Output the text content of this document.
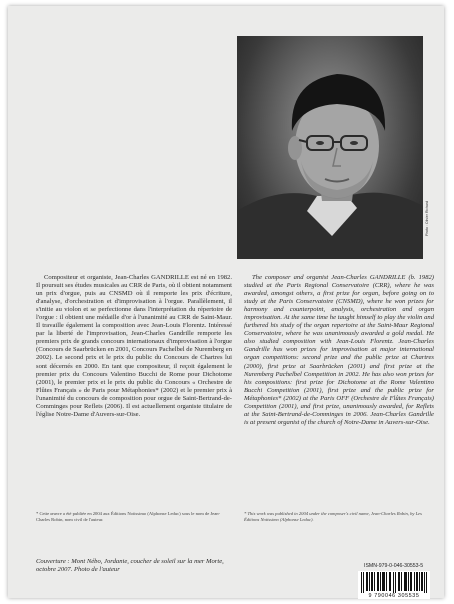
Photo : Olivier Richard

Compositeur et organiste, Jean-Charles GANDRILLE est né en 1982. Il poursuit ses études musicales au CRR de Paris, où il obtient notamment un prix d'orgue, puis au CNSMD où il remporte les prix d'écriture, d'analyse, d'orchestration et d'improvisation à l'orgue. Parallèlement, il s'initie au violon et se perfectionne dans l'interprétation du répertoire de l'orgue : il obtient une médaille d'or à l'unanimité au CRR de Saint-Maur. Il travaille également la composition avec Jean-Louis Florentz. Intéressé par la liberté de l'improvisation, Jean-Charles Gandrille remporte les premiers prix de grands concours internationaux d'improvisation à l'orgue (Concours de Saarbrücken en 2001, Concours Pachelbel de Nuremberg en 2002). Le second prix et le prix du public du Concours de Chartres lui sont décernés en 2000. En tant que compositeur, il reçoit également le premier prix du Concours Valentino Bucchi de Rome pour Dichotome (2001), le premier prix et le prix du public du Concours « Orchestre de Flûtes Français » de Paris pour Métaphonies* (2002) et le premier prix à l'unanimité du concours de composition pour orgue de Saint-Bertrand-de-Comminges pour Reflets (2006). Il est actuellement organiste titulaire de l'église Notre-Dame d'Auvers-sur-Oise.

* Cette œuvre a été publiée en 2004 aux Éditions Notissimo (Alphonse Leduc) sous le nom de Jean-Charles Robin, nom civil de l'auteur.

The composer and organist Jean-Charles GANDRILLE (b. 1982) studied at the Paris Regional Conservatoire (CRR), where he was awarded, amongst others, a first prize for organ, before going on to study at the Paris Conservatoire (CNSMD), where he won prizes for harmony and counterpoint, analysis, orchestration and organ improvisation. At the same time he taught himself to play the violin and furthered his study of the organ repertoire at the Saint-Maur Regional Conservatoire, where he was unanimously awarded a gold medal. He also studied composition with Jean-Louis Florentz. Jean-Charles Gandrille has won prizes for improvisation at major international organ competitions: second prize and the public prize at Chartres (2000), first prize at Saarbrücken (2001) and first prize at the Nuremberg Pachelbel Competition in 2002. He has also won prizes for his compositions: first prize for Dichotome at the Rome Valentino Bucchi Competition (2001), first prize and the public prize for Métaphonies* (2002) at the Paris OFF (Orchestre de Flûtes Français) Competition (2001), and first prize, unanimously awarded, for Reflets at the Saint-Bertrand-de-Comminges in 2006. Jean-Charles Gandrille is at present organist of the church of Notre-Dame in Auvers-sur-Oise.

* This work was published in 2004 under the composer's civil name, Jean-Charles Robin, by Les Éditions Notissimo (Alphonse Leduc).
Couverture : Mont Nébo, Jordanie, coucher de soleil sur la mer Morte, octobre 2007. Photo de l'auteur	ISMN-979-0-046-30553-5
9 790046 305535
